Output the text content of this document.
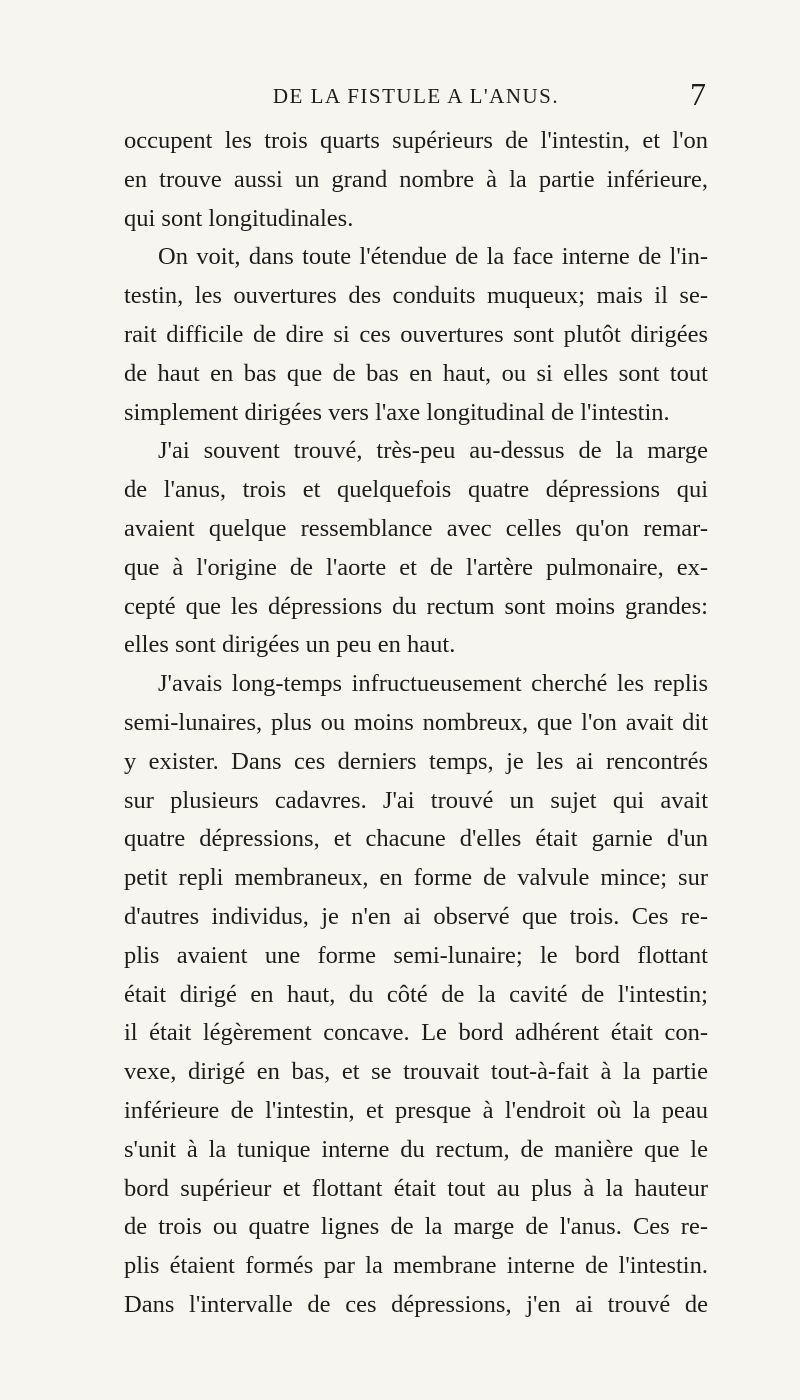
DE LA FISTULE A L'ANUS.	7
occupent les trois quarts supérieurs de l'intestin, et l'on
en trouve aussi un grand nombre à la partie inférieure,
qui sont longitudinales.
On voit, dans toute l'étendue de la face interne de l'in-
testin, les ouvertures des conduits muqueux; mais il se-
rait difficile de dire si ces ouvertures sont plutôt dirigées
de haut en bas que de bas en haut, ou si elles sont tout
simplement dirigées vers l'axe longitudinal de l'intestin.
J'ai souvent trouvé, très-peu au-dessus de la marge
de l'anus, trois et quelquefois quatre dépressions qui
avaient quelque ressemblance avec celles qu'on remar-
que à l'origine de l'aorte et de l'artère pulmonaire, ex-
cepté que les dépressions du rectum sont moins grandes:
elles sont dirigées un peu en haut.
J'avais long-temps infructueusement cherché les replis
semi-lunaires, plus ou moins nombreux, que l'on avait dit
y exister. Dans ces derniers temps, je les ai rencontrés
sur plusieurs cadavres. J'ai trouvé un sujet qui avait
quatre dépressions, et chacune d'elles était garnie d'un
petit repli membraneux, en forme de valvule mince; sur
d'autres individus, je n'en ai observé que trois. Ces re-
plis avaient une forme semi-lunaire; le bord flottant
était dirigé en haut, du côté de la cavité de l'intestin;
il était légèrement concave. Le bord adhérent était con-
vexe, dirigé en bas, et se trouvait tout-à-fait à la partie
inférieure de l'intestin, et presque à l'endroit où la peau
s'unit à la tunique interne du rectum, de manière que le
bord supérieur et flottant était tout au plus à la hauteur
de trois ou quatre lignes de la marge de l'anus. Ces re-
plis étaient formés par la membrane interne de l'intestin.
Dans l'intervalle de ces dépressions, j'en ai trouvé de
